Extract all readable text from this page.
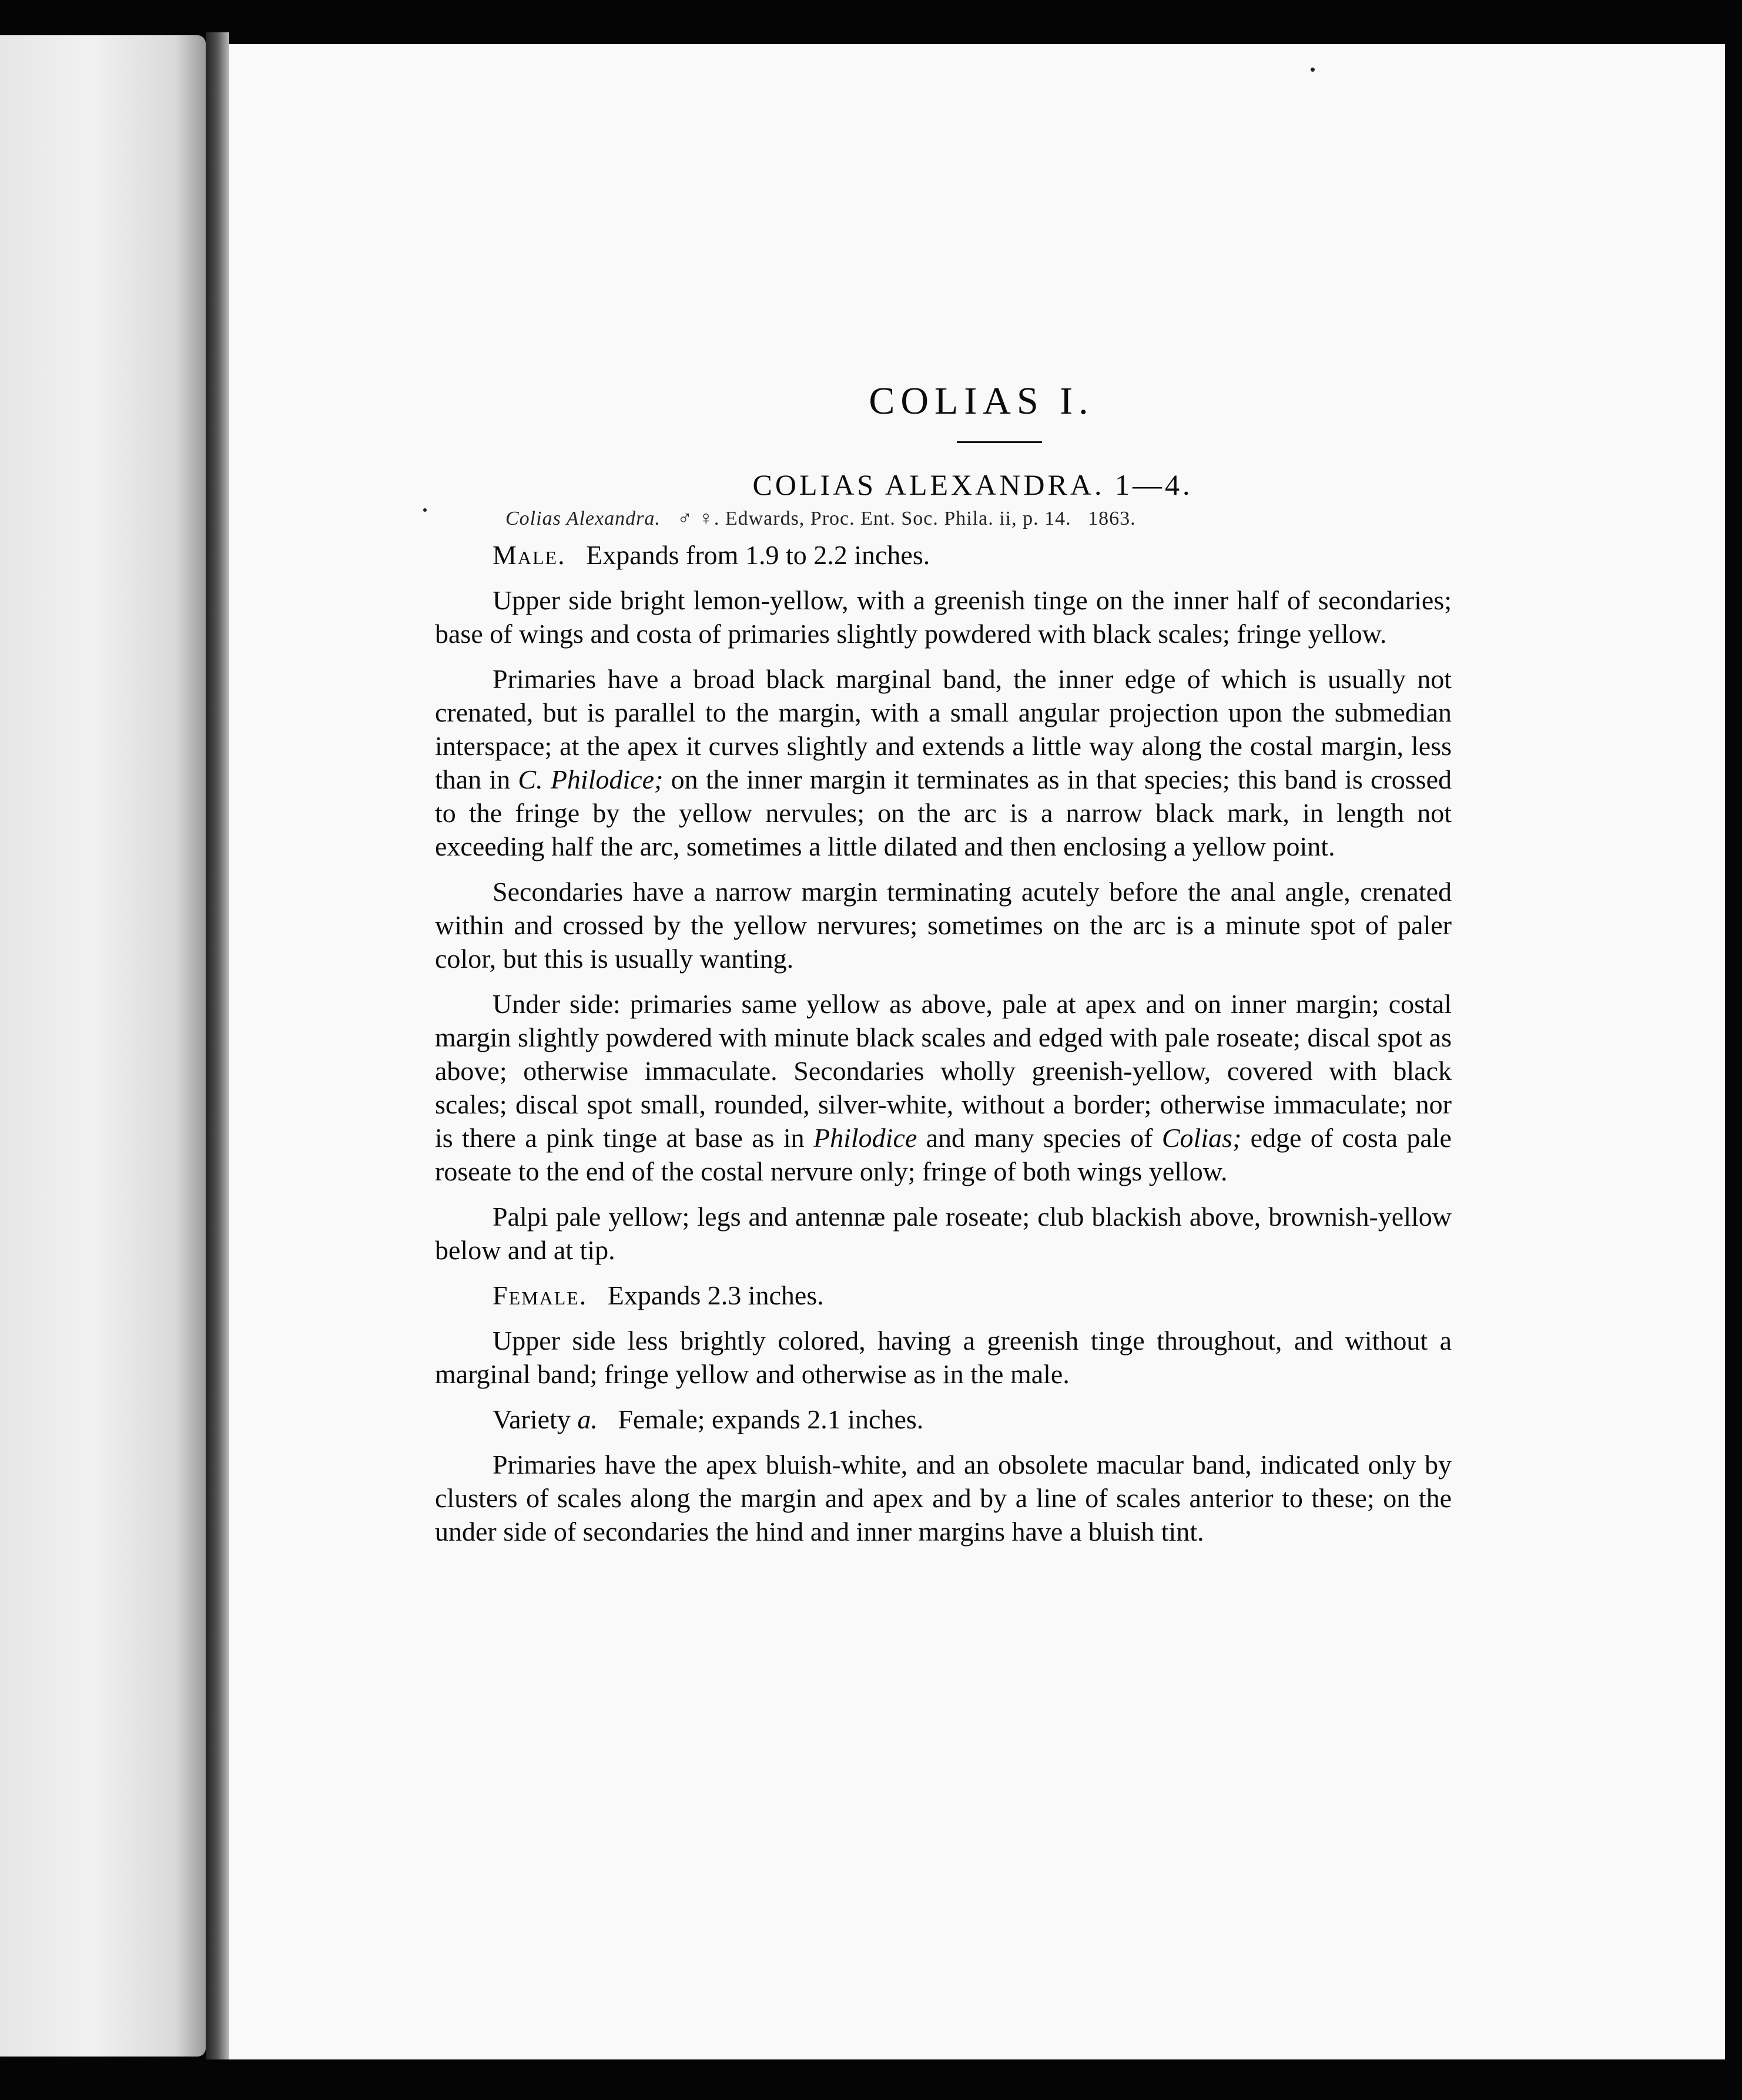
COLIAS I.
COLIAS ALEXANDRA. 1—4.
Colias Alexandra. ♂ ♀. Edwards, Proc. Ent. Soc. Phila. ii, p. 14. 1863.

Male. Expands from 1.9 to 2.2 inches.

Upper side bright lemon-yellow, with a greenish tinge on the inner half of secondaries; base of wings and costa of primaries slightly powdered with black scales; fringe yellow.

Primaries have a broad black marginal band, the inner edge of which is usually not crenated, but is parallel to the margin, with a small angular projection upon the submedian interspace; at the apex it curves slightly and extends a little way along the costal margin, less than in C. Philodice; on the inner margin it terminates as in that species; this band is crossed to the fringe by the yellow nervules; on the arc is a narrow black mark, in length not exceeding half the arc, sometimes a little dilated and then enclosing a yellow point.

Secondaries have a narrow margin terminating acutely before the anal angle, crenated within and crossed by the yellow nervures; sometimes on the arc is a minute spot of paler color, but this is usually wanting.

Under side: primaries same yellow as above, pale at apex and on inner margin; costal margin slightly powdered with minute black scales and edged with pale roseate; discal spot as above; otherwise immaculate. Secondaries wholly greenish-yellow, covered with black scales; discal spot small, rounded, silver-white, without a border; otherwise immaculate; nor is there a pink tinge at base as in Philodice and many species of Colias; edge of costa pale roseate to the end of the costal nervure only; fringe of both wings yellow.

Palpi pale yellow; legs and antennæ pale roseate; club blackish above, brownish-yellow below and at tip.

Female. Expands 2.3 inches.

Upper side less brightly colored, having a greenish tinge throughout, and without a marginal band; fringe yellow and otherwise as in the male.

Variety a. Female; expands 2.1 inches.

Primaries have the apex bluish-white, and an obsolete macular band, indicated only by clusters of scales along the margin and apex and by a line of scales anterior to these; on the under side of secondaries the hind and inner margins have a bluish tint.
